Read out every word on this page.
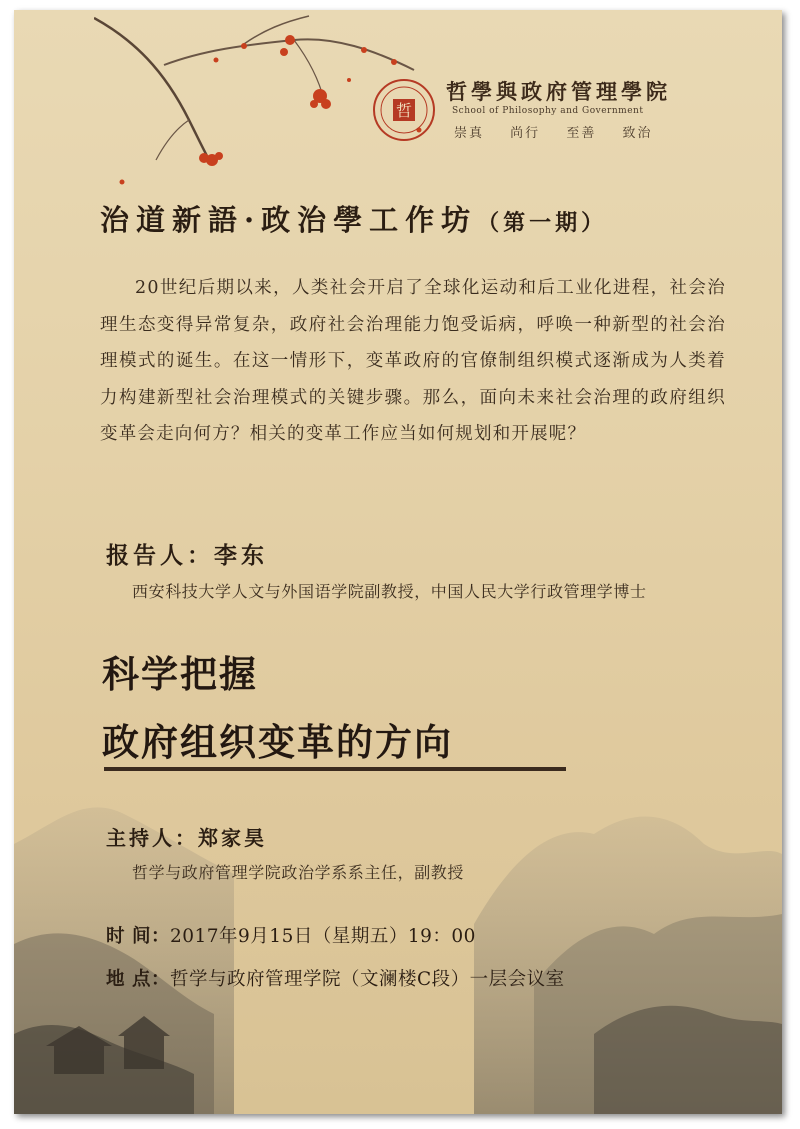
哲
哲學與政府管理學院
School of Philosophy and Government
崇真 尚行 至善 致治
治道新語·政治學工作坊（第一期）
20世纪后期以来，人类社会开启了全球化运动和后工业化进程，社会治理生态变得异常复杂，政府社会治理能力饱受诟病，呼唤一种新型的社会治理模式的诞生。在这一情形下，变革政府的官僚制组织模式逐渐成为人类着力构建新型社会治理模式的关键步骤。那么，面向未来社会治理的政府组织变革会走向何方？相关的变革工作应当如何规划和开展呢？
报告人：李东
西安科技大学人文与外国语学院副教授，中国人民大学行政管理学博士
科学把握
政府组织变革的方向
主持人：郑家昊
哲学与政府管理学院政治学系系主任，副教授
时 间：2017年9月15日（星期五）19：00
地 点：哲学与政府管理学院（文澜楼C段）一层会议室
